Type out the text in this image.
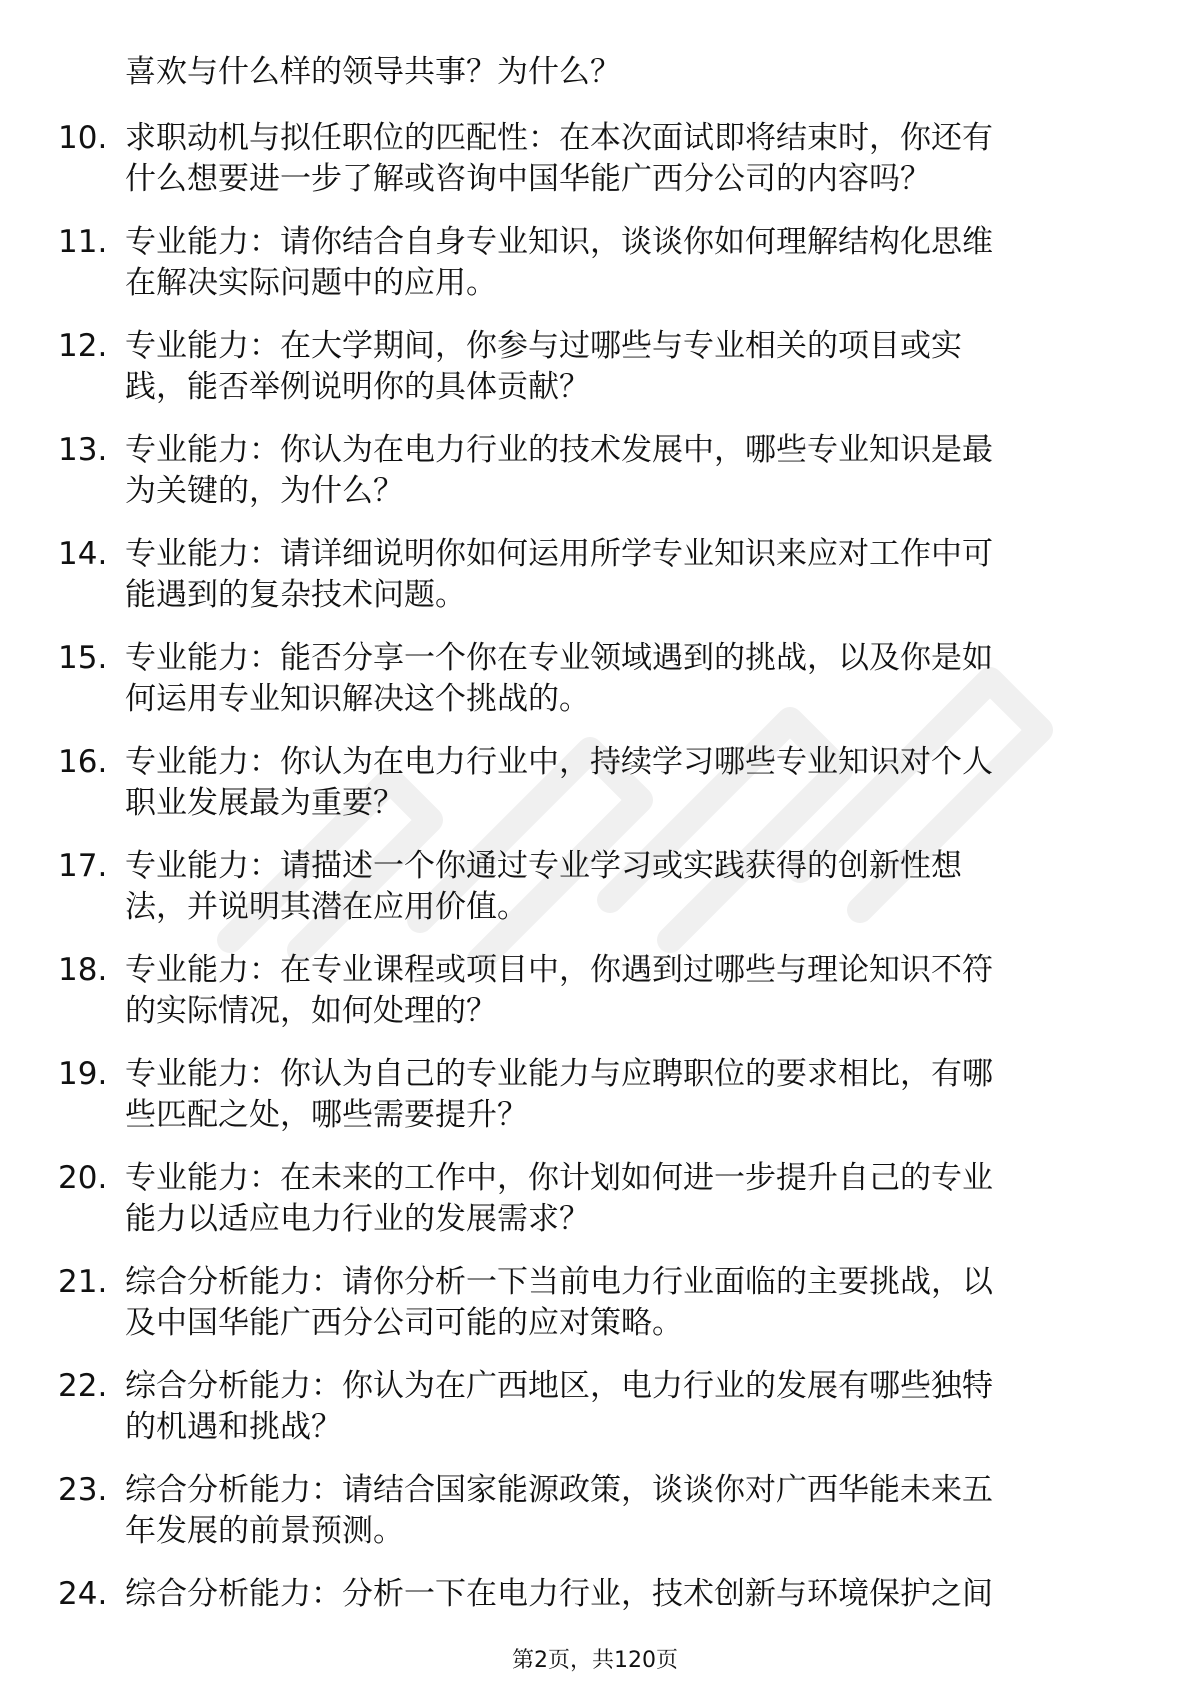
喜欢与什么样的领导共事？为什么？
10. 求职动机与拟任职位的匹配性：在本次面试即将结束时，你还有
什么想要进一步了解或咨询中国华能广西分公司的内容吗？
11. 专业能力：请你结合自身专业知识，谈谈你如何理解结构化思维
在解决实际问题中的应用。
12. 专业能力：在大学期间，你参与过哪些与专业相关的项目或实
践，能否举例说明你的具体贡献？
13. 专业能力：你认为在电力行业的技术发展中，哪些专业知识是最
为关键的，为什么？
14. 专业能力：请详细说明你如何运用所学专业知识来应对工作中可
能遇到的复杂技术问题。
15. 专业能力：能否分享一个你在专业领域遇到的挑战，以及你是如
何运用专业知识解决这个挑战的。
16. 专业能力：你认为在电力行业中，持续学习哪些专业知识对个人
职业发展最为重要？
17. 专业能力：请描述一个你通过专业学习或实践获得的创新性想
法，并说明其潜在应用价值。
18. 专业能力：在专业课程或项目中，你遇到过哪些与理论知识不符
的实际情况，如何处理的？
19. 专业能力：你认为自己的专业能力与应聘职位的要求相比，有哪
些匹配之处，哪些需要提升？
20. 专业能力：在未来的工作中，你计划如何进一步提升自己的专业
能力以适应电力行业的发展需求？
21. 综合分析能力：请你分析一下当前电力行业面临的主要挑战，以
及中国华能广西分公司可能的应对策略。
22. 综合分析能力：你认为在广西地区，电力行业的发展有哪些独特
的机遇和挑战？
23. 综合分析能力：请结合国家能源政策，谈谈你对广西华能未来五
年发展的前景预测。
24. 综合分析能力：分析一下在电力行业，技术创新与环境保护之间
第2页，共120页
